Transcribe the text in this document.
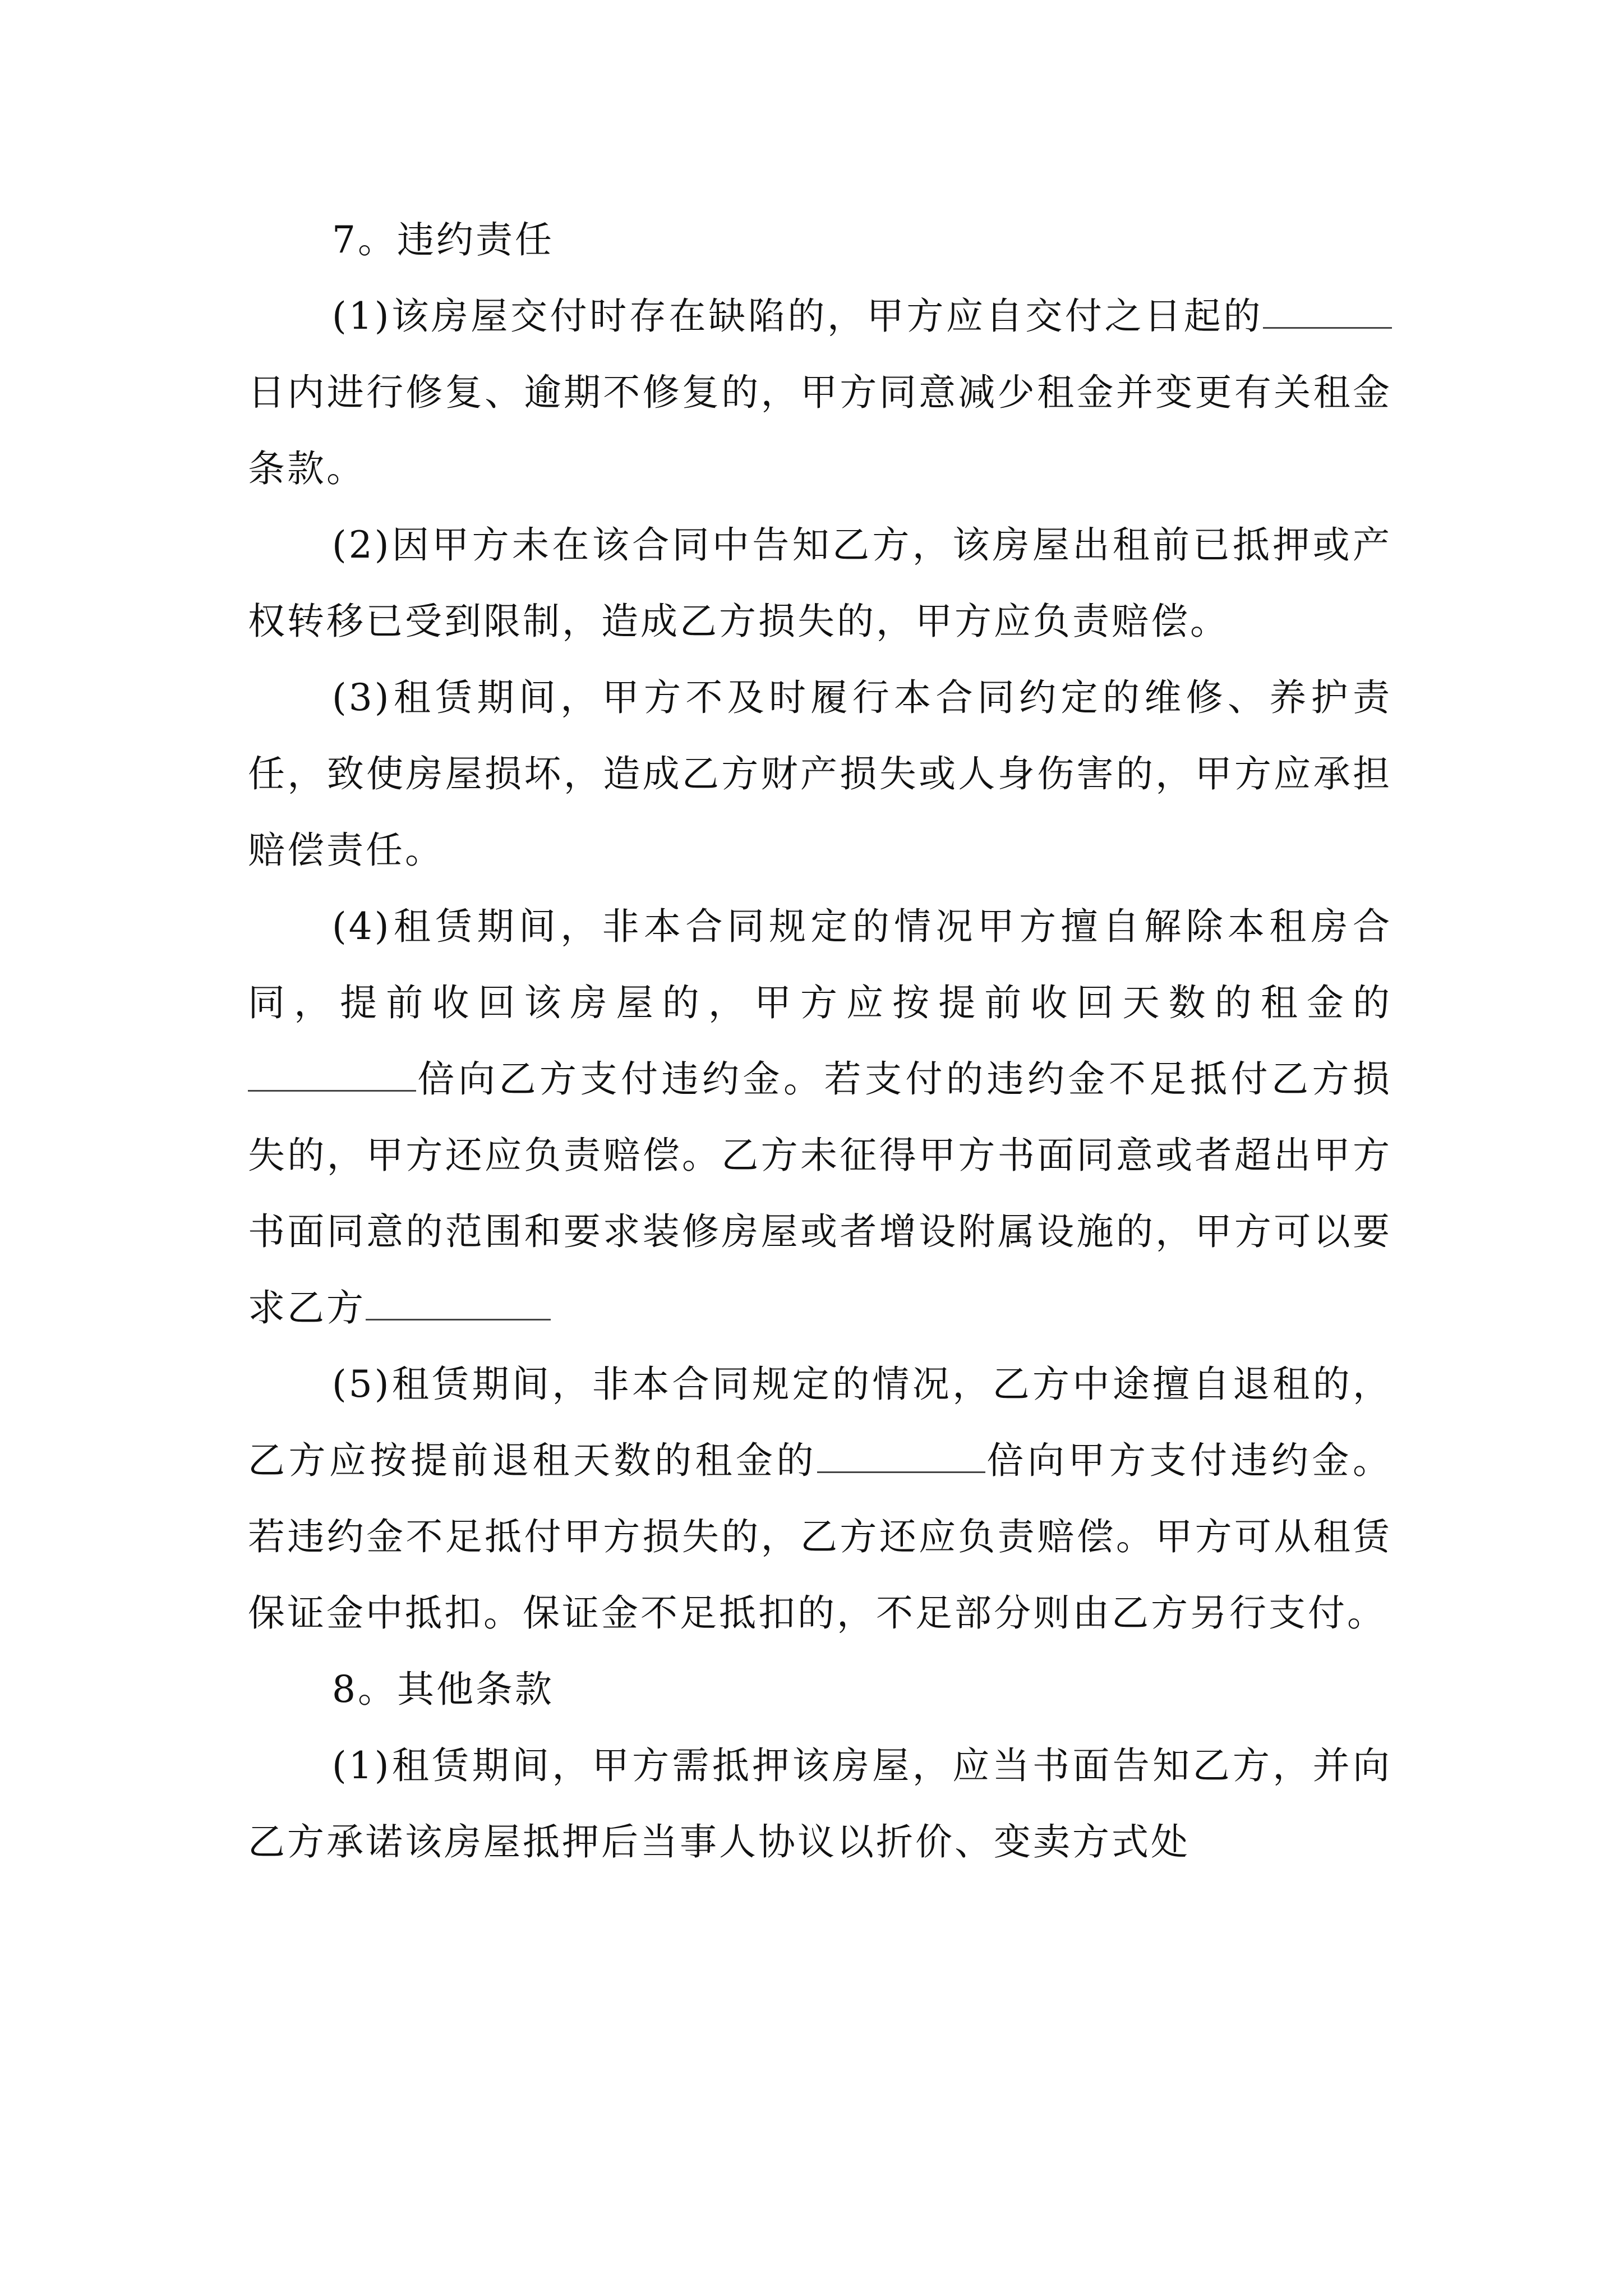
7。违约责任

(1)该房屋交付时存在缺陷的，甲方应自交付之日起的日内进行修复、逾期不修复的，甲方同意减少租金并变更有关租金条款。

(2)因甲方未在该合同中告知乙方，该房屋出租前已抵押或产权转移已受到限制，造成乙方损失的，甲方应负责赔偿。

(3)租赁期间，甲方不及时履行本合同约定的维修、养护责任，致使房屋损坏，造成乙方财产损失或人身伤害的，甲方应承担赔偿责任。

(4)租赁期间，非本合同规定的情况甲方擅自解除本租房合同，提前收回该房屋的，甲方应按提前收回天数的租金的倍向乙方支付违约金。若支付的违约金不足抵付乙方损失的，甲方还应负责赔偿。乙方未征得甲方书面同意或者超出甲方书面同意的范围和要求装修房屋或者增设附属设施的，甲方可以要求乙方

(5)租赁期间，非本合同规定的情况，乙方中途擅自退租的，乙方应按提前退租天数的租金的	倍向甲方支付违约金。若违约金不足抵付甲方损失的，乙方还应负责赔偿。甲方可从租赁保证金中抵扣。保证金不足抵扣的，不足部分则由乙方另行支付。

8。其他条款

(1)租赁期间，甲方需抵押该房屋，应当书面告知乙方，并向乙方承诺该房屋抵押后当事人协议以折价、变卖方式处
